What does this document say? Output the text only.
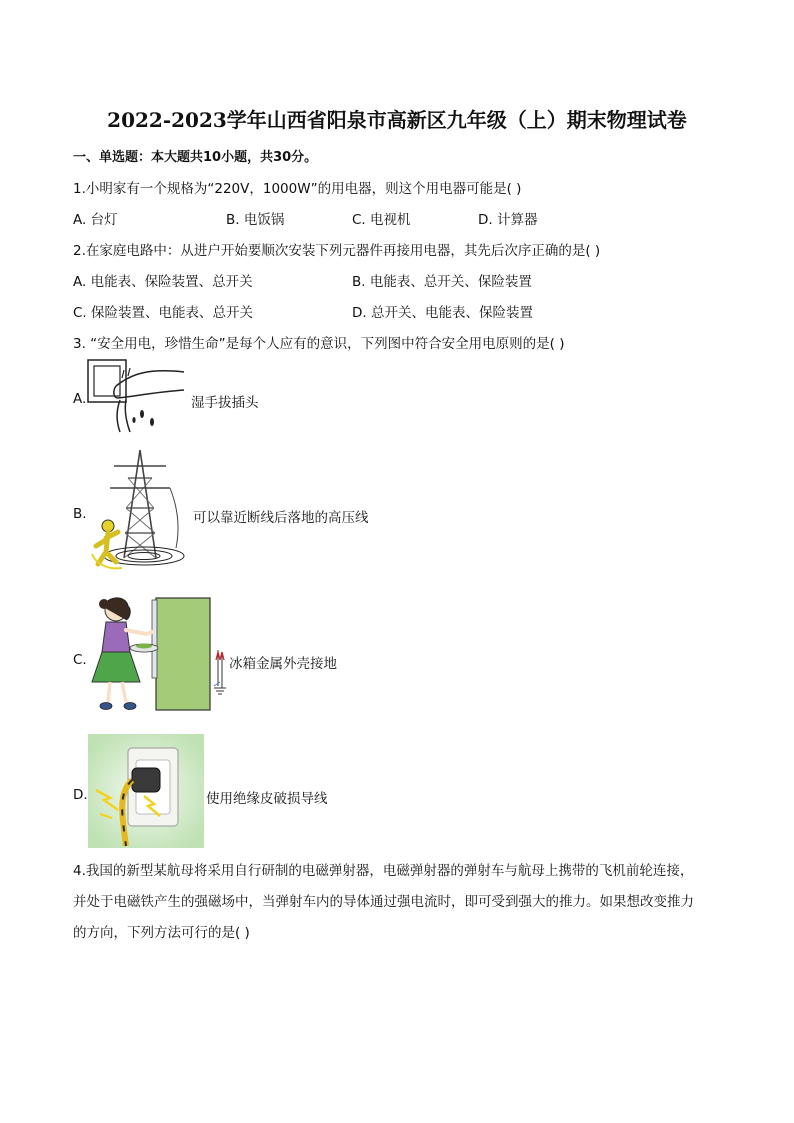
2022-2023学年山西省阳泉市高新区九年级（上）期末物理试卷
一、单选题：本大题共10小题，共30分。
1.小明家有一个规格为“220V，1000W”的用电器，则这个用电器可能是( )
A. 台灯	B. 电饭锅	C. 电视机	D. 计算器
2.在家庭电路中：从进户开始要顺次安装下列元器件再接用电器，其先后次序正确的是( )
A. 电能表、保险装置、总开关	B. 电能表、总开关、保险装置
C. 保险装置、电能表、总开关	D. 总开关、电能表、保险装置
3. “安全用电，珍惜生命”是每个人应有的意识，下列图中符合安全用电原则的是( )
A.	湿手拔插头
B.	可以靠近断线后落地的高压线
C.	冰箱金属外壳接地
D.	使用绝缘皮破损导线
4.我国的新型某航母将采用自行研制的电磁弹射器，电磁弹射器的弹射车与航母上携带的飞机前轮连接，
并处于电磁铁产生的强磁场中，当弹射车内的导体通过强电流时，即可受到强大的推力。如果想改变推力
的方向，下列方法可行的是( )
